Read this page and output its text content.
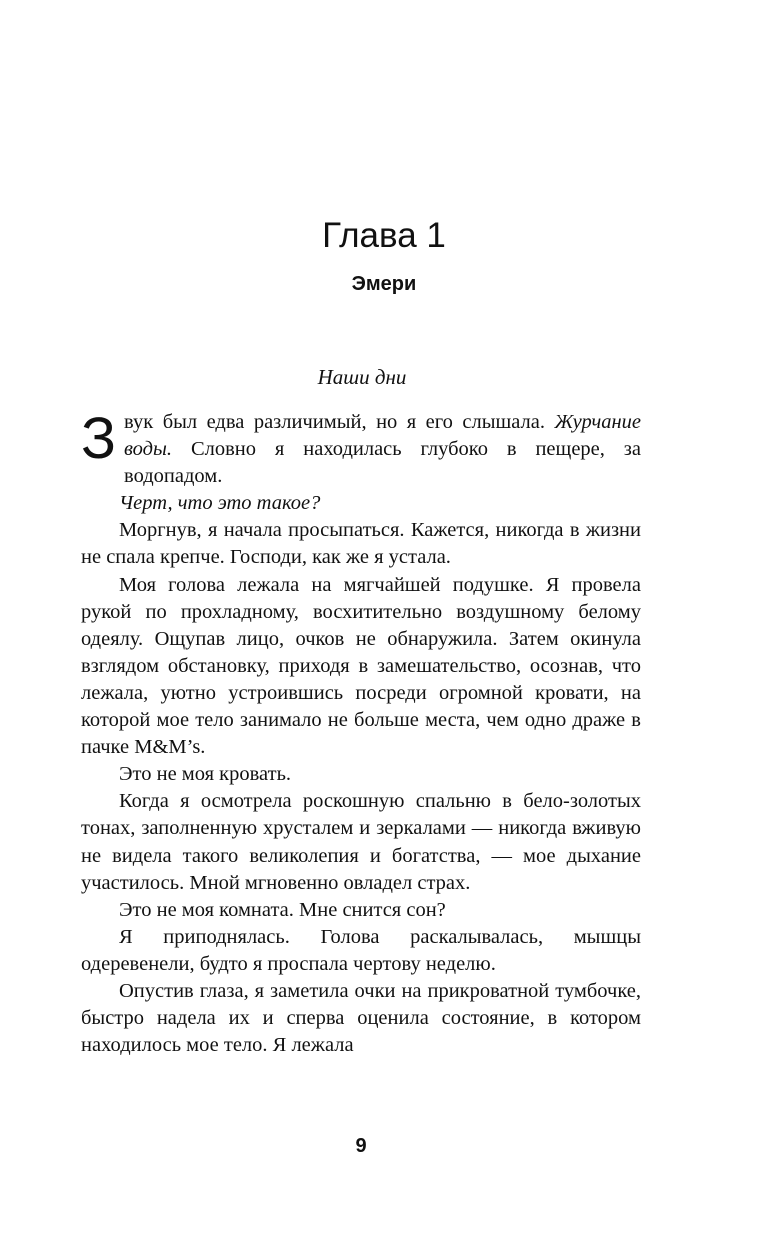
Глава 1
Эмери

Наши дни

Звук был едва различимый, но я его слышала. Журчание воды. Словно я находилась глубоко в пещере, за водопадом.

Черт, что это такое?

Моргнув, я начала просыпаться. Кажется, никогда в жизни не спала крепче. Господи, как же я устала.

Моя голова лежала на мягчайшей подушке. Я провела рукой по прохладному, восхитительно воздушному белому одеялу. Ощупав лицо, очков не обнаружила. Затем окинула взглядом обстановку, приходя в замешательство, осознав, что лежала, уютно устроившись посреди огромной кровати, на которой мое тело занимало не больше места, чем одно драже в пачке M&M’s.

Это не моя кровать.

Когда я осмотрела роскошную спальню в бело-золотых тонах, заполненную хрусталем и зеркалами — никогда вживую не видела такого великолепия и богатства, — мое дыхание участилось. Мной мгновенно овладел страх.

Это не моя комната. Мне снится сон?

Я приподнялась. Голова раскалывалась, мышцы одеревенели, будто я проспала чертову неделю.

Опустив глаза, я заметила очки на прикроватной тумбочке, быстро надела их и сперва оценила состояние, в котором находилось мое тело. Я лежала

9
